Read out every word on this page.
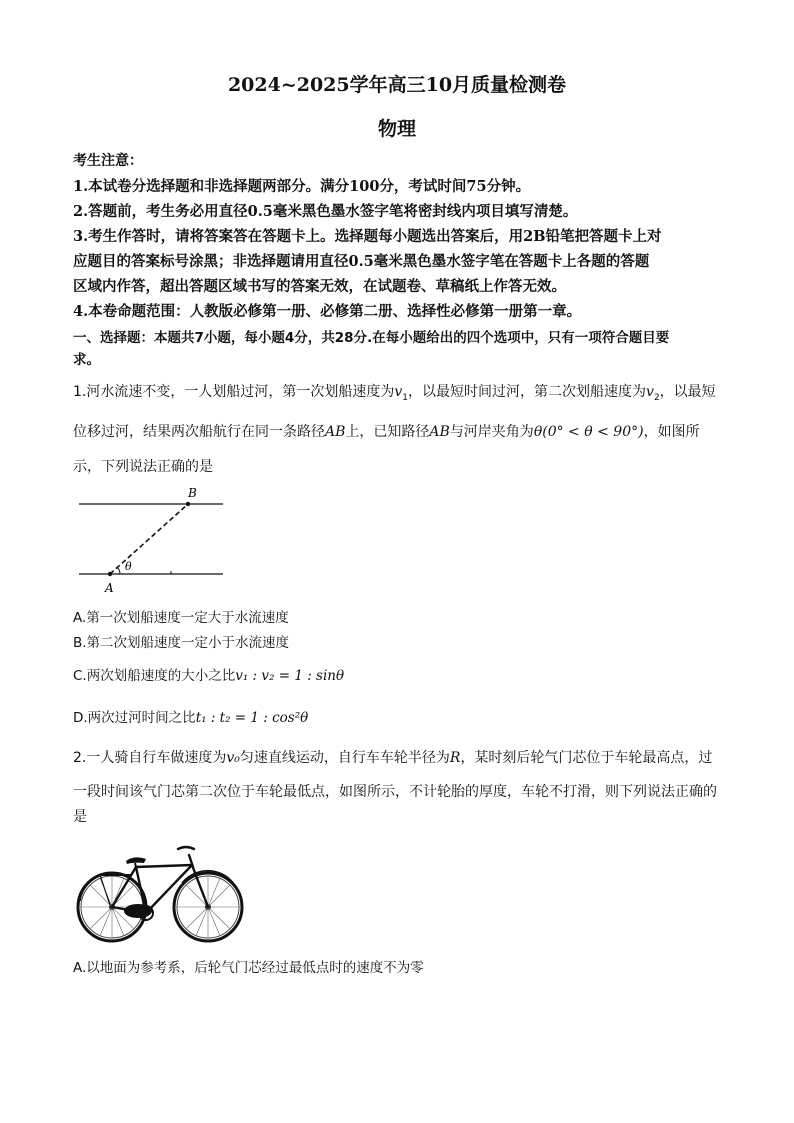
2024~2025学年高三10月质量检测卷
物理
考生注意：
1.本试卷分选择题和非选择题两部分。满分100分，考试时间75分钟。
2.答题前，考生务必用直径0.5毫米黑色墨水签字笔将密封线内项目填写清楚。
3.考生作答时，请将答案答在答题卡上。选择题每小题选出答案后，用2B铅笔把答题卡上对
应题目的答案标号涂黑；非选择题请用直径0.5毫米黑色墨水签字笔在答题卡上各题的答题
区域内作答，超出答题区域书写的答案无效，在试题卷、草稿纸上作答无效。
4.本卷命题范围：人教版必修第一册、必修第二册、选择性必修第一册第一章。
一、选择题：本题共7小题，每小题4分，共28分.在每小题给出的四个选项中，只有一项符合题目要
求。
1.河水流速不变，一人划船过河，第一次划船速度为$v_1$，以最短时间过河，第二次划船速度为$v_2$，以最短
位移过河，结果两次船航行在同一条路径AB上，已知路径AB与河岸夹角为θ(0° < θ < 90°)，如图所
示，下列说法正确的是
A
B
θ
A.第一次划船速度一定大于水流速度
B.第二次划船速度一定小于水流速度
C.两次划船速度的大小之比v₁ : v₂ = 1 : sinθ
D.两次过河时间之比t₁ : t₂ = 1 : cos²θ
2.一人骑自行车做速度为v₀匀速直线运动，自行车车轮半径为R，某时刻后轮气门芯位于车轮最高点，过
一段时间该气门芯第二次位于车轮最低点，如图所示，不计轮胎的厚度，车轮不打滑，则下列说法正确的
是
A.以地面为参考系，后轮气门芯经过最低点时的速度不为零
